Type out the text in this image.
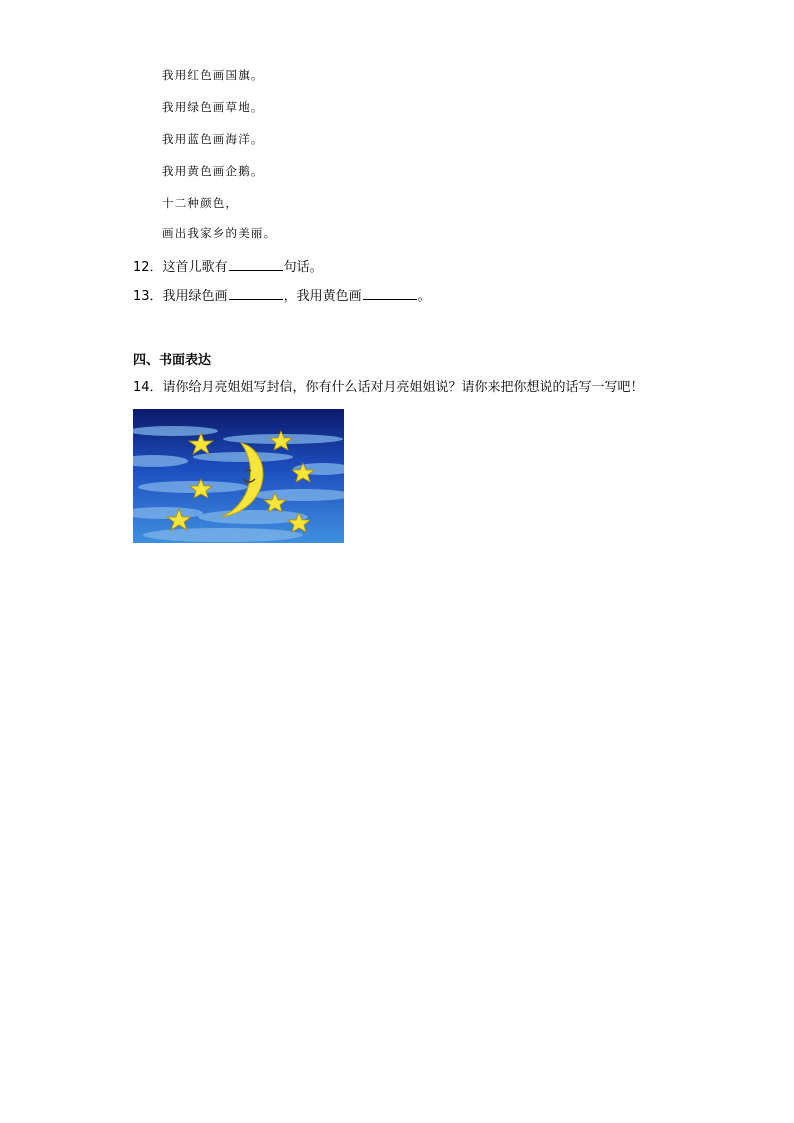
我用红色画国旗。
我用绿色画草地。
我用蓝色画海洋。
我用黄色画企鹅。
十二种颜色，
画出我家乡的美丽。
12．这首儿歌有	句话。
13．我用绿色画	，我用黄色画	。
四、书面表达
14．请你给月亮姐姐写封信，你有什么话对月亮姐姐说？请你来把你想说的话写一写吧！
